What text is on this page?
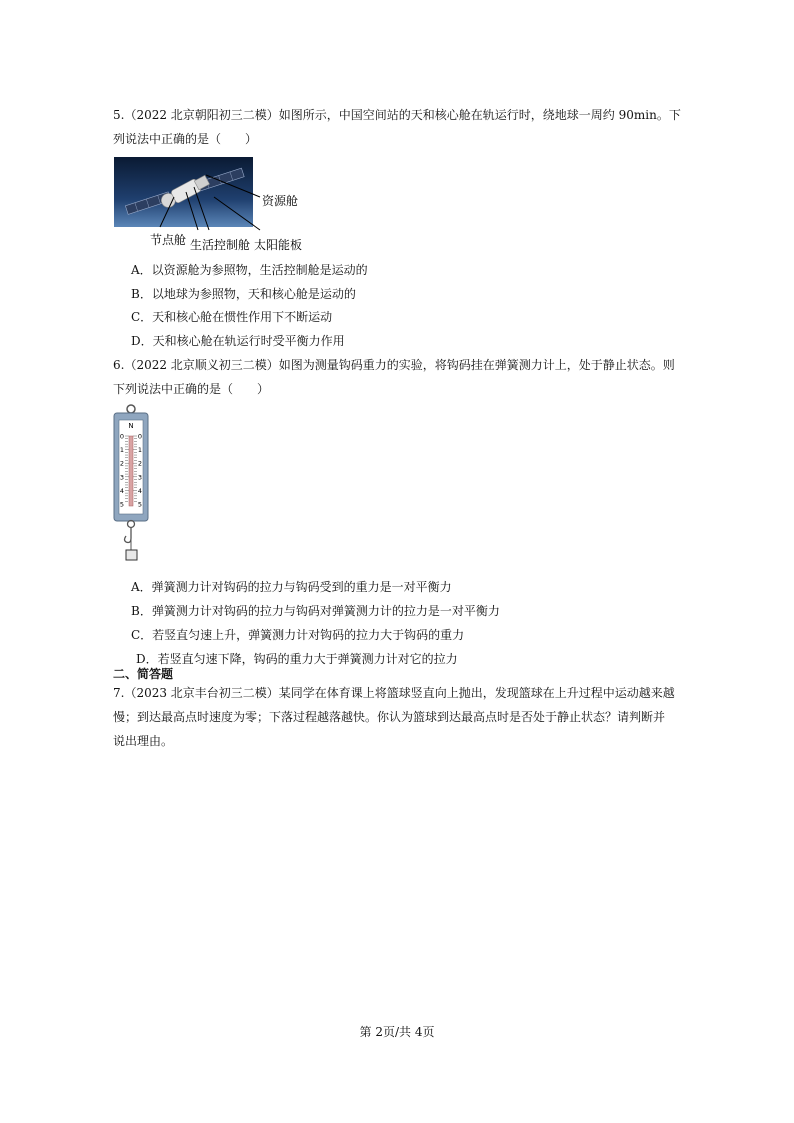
5.（2022 北京朝阳初三二模）如图所示，中国空间站的天和核心舱在轨运行时，绕地球一周约 90min。下
列说法中正确的是（　　）
资源舱
节点舱 生活控制舱 太阳能板
A．以资源舱为参照物，生活控制舱是运动的
B．以地球为参照物，天和核心舱是运动的
C．天和核心舱在惯性作用下不断运动
D．天和核心舱在轨运行时受平衡力作用
6.（2022 北京顺义初三二模）如图为测量钩码重力的实验，将钩码挂在弹簧测力计上，处于静止状态。则
下列说法中正确的是（　　）
N
0 0
1 1
2 2
3 3
4 4
5 5
A．弹簧测力计对钩码的拉力与钩码受到的重力是一对平衡力
B．弹簧测力计对钩码的拉力与钩码对弹簧测力计的拉力是一对平衡力
C．若竖直匀速上升，弹簧测力计对钩码的拉力大于钩码的重力
D．若竖直匀速下降，钩码的重力大于弹簧测力计对它的拉力
二、简答题
7.（2023 北京丰台初三二模）某同学在体育课上将篮球竖直向上抛出，发现篮球在上升过程中运动越来越
慢；到达最高点时速度为零；下落过程越落越快。你认为篮球到达最高点时是否处于静止状态？请判断并
说出理由。
第 2页/共 4页
